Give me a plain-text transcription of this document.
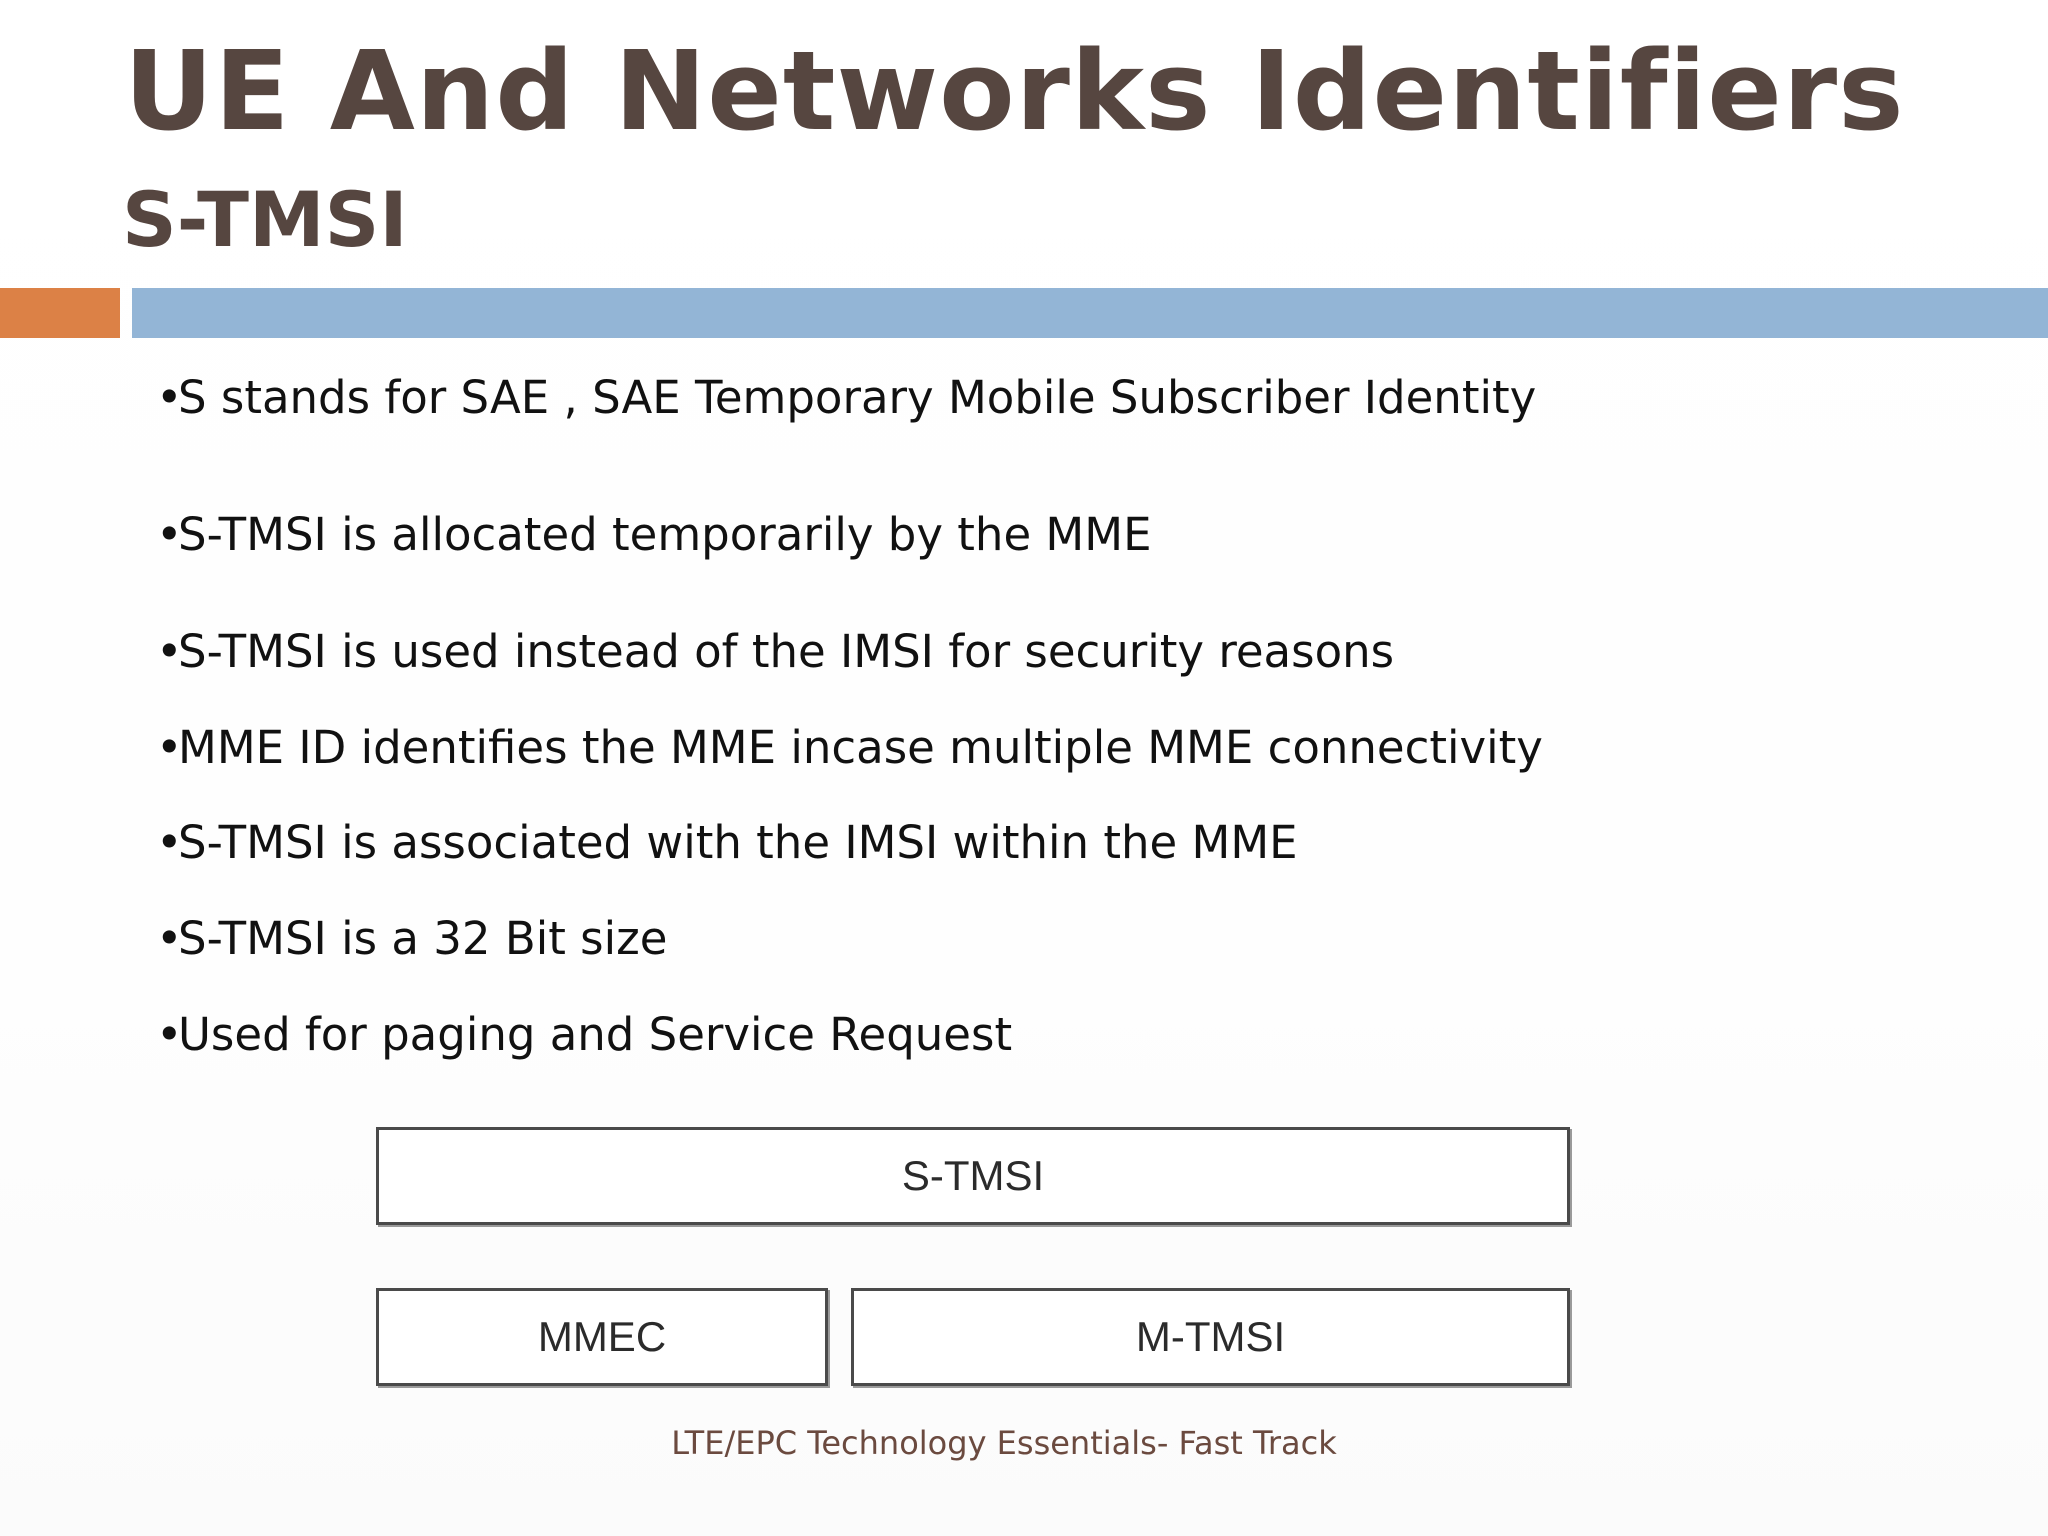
UE And Networks Identifiers
S-TMSI

•S stands for SAE , SAE Temporary Mobile Subscriber Identity

•S-TMSI is allocated temporarily by the MME

•S-TMSI is used instead of the IMSI for security reasons

•MME ID identifies the MME incase multiple MME connectivity

•S-TMSI is associated with the IMSI within the MME

•S-TMSI is a 32 Bit size

•Used for paging and Service Request

S-TMSI
MMEC	M-TMSI
LTE/EPC Technology Essentials- Fast Track
